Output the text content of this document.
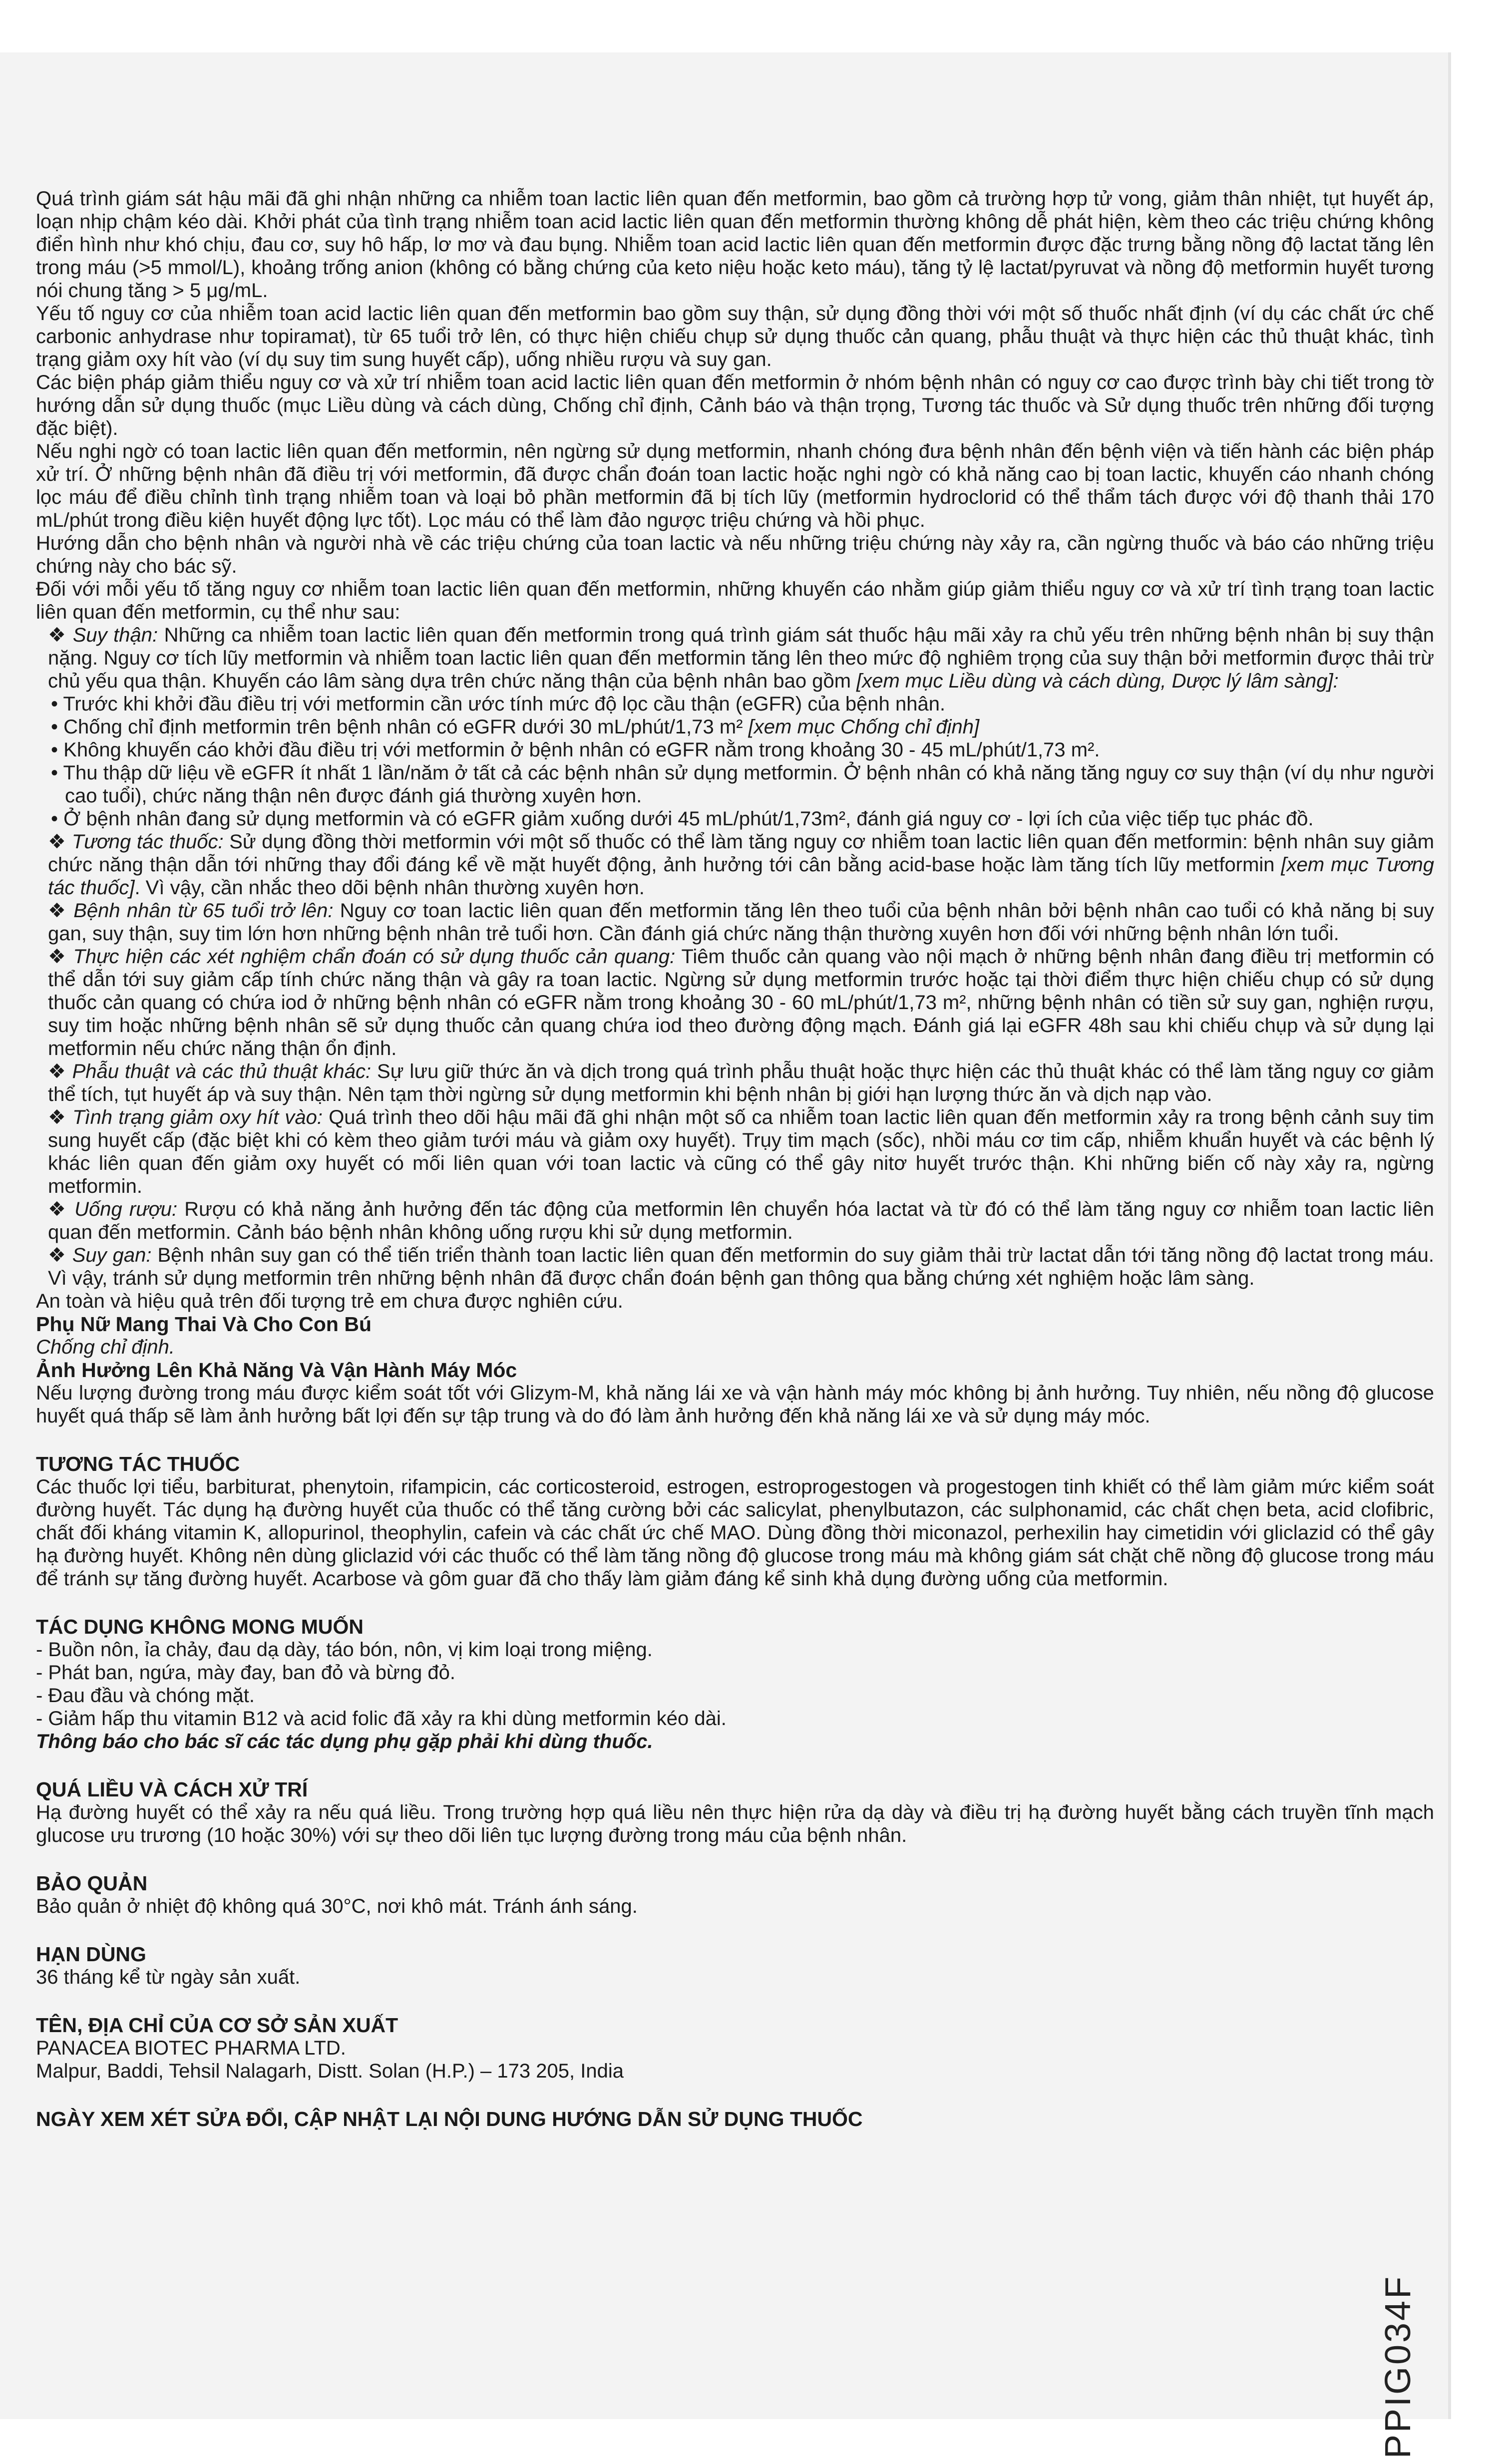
Quá trình giám sát hậu mãi đã ghi nhận những ca nhiễm toan lactic liên quan đến metformin, bao gồm cả trường hợp tử vong, giảm thân nhiệt, tụt huyết áp, loạn nhịp chậm kéo dài. Khởi phát của tình trạng nhiễm toan acid lactic liên quan đến metformin thường không dễ phát hiện, kèm theo các triệu chứng không điển hình như khó chịu, đau cơ, suy hô hấp, lơ mơ và đau bụng. Nhiễm toan acid lactic liên quan đến metformin được đặc trưng bằng nồng độ lactat tăng lên trong máu (>5 mmol/L), khoảng trống anion (không có bằng chứng của keto niệu hoặc keto máu), tăng tỷ lệ lactat/pyruvat và nồng độ metformin huyết tương nói chung tăng > 5 μg/mL.

Yếu tố nguy cơ của nhiễm toan acid lactic liên quan đến metformin bao gồm suy thận, sử dụng đồng thời với một số thuốc nhất định (ví dụ các chất ức chế carbonic anhydrase như topiramat), từ 65 tuổi trở lên, có thực hiện chiếu chụp sử dụng thuốc cản quang, phẫu thuật và thực hiện các thủ thuật khác, tình trạng giảm oxy hít vào (ví dụ suy tim sung huyết cấp), uống nhiều rượu và suy gan.

Các biện pháp giảm thiểu nguy cơ và xử trí nhiễm toan acid lactic liên quan đến metformin ở nhóm bệnh nhân có nguy cơ cao được trình bày chi tiết trong tờ hướng dẫn sử dụng thuốc (mục Liều dùng và cách dùng, Chống chỉ định, Cảnh báo và thận trọng, Tương tác thuốc và Sử dụng thuốc trên những đối tượng đặc biệt).

Nếu nghi ngờ có toan lactic liên quan đến metformin, nên ngừng sử dụng metformin, nhanh chóng đưa bệnh nhân đến bệnh viện và tiến hành các biện pháp xử trí. Ở những bệnh nhân đã điều trị với metformin, đã được chẩn đoán toan lactic hoặc nghi ngờ có khả năng cao bị toan lactic, khuyến cáo nhanh chóng lọc máu để điều chỉnh tình trạng nhiễm toan và loại bỏ phần metformin đã bị tích lũy (metformin hydroclorid có thể thẩm tách được với độ thanh thải 170 mL/phút trong điều kiện huyết động lực tốt). Lọc máu có thể làm đảo ngược triệu chứng và hồi phục.

Hướng dẫn cho bệnh nhân và người nhà về các triệu chứng của toan lactic và nếu những triệu chứng này xảy ra, cần ngừng thuốc và báo cáo những triệu chứng này cho bác sỹ.

Đối với mỗi yếu tố tăng nguy cơ nhiễm toan lactic liên quan đến metformin, những khuyến cáo nhằm giúp giảm thiểu nguy cơ và xử trí tình trạng toan lactic liên quan đến metformin, cụ thể như sau:

❖ Suy thận: Những ca nhiễm toan lactic liên quan đến metformin trong quá trình giám sát thuốc hậu mãi xảy ra chủ yếu trên những bệnh nhân bị suy thận nặng. Nguy cơ tích lũy metformin và nhiễm toan lactic liên quan đến metformin tăng lên theo mức độ nghiêm trọng của suy thận bởi metformin được thải trừ chủ yếu qua thận. Khuyến cáo lâm sàng dựa trên chức năng thận của bệnh nhân bao gồm [xem mục Liều dùng và cách dùng, Dược lý lâm sàng]:

• Trước khi khởi đầu điều trị với metformin cần ước tính mức độ lọc cầu thận (eGFR) của bệnh nhân.

• Chống chỉ định metformin trên bệnh nhân có eGFR dưới 30 mL/phút/1,73 m² [xem mục Chống chỉ định]

• Không khuyến cáo khởi đầu điều trị với metformin ở bệnh nhân có eGFR nằm trong khoảng 30 - 45 mL/phút/1,73 m².

• Thu thập dữ liệu về eGFR ít nhất 1 lần/năm ở tất cả các bệnh nhân sử dụng metformin. Ở bệnh nhân có khả năng tăng nguy cơ suy thận (ví dụ như người cao tuổi), chức năng thận nên được đánh giá thường xuyên hơn.

• Ở bệnh nhân đang sử dụng metformin và có eGFR giảm xuống dưới 45 mL/phút/1,73m², đánh giá nguy cơ - lợi ích của việc tiếp tục phác đồ.

❖ Tương tác thuốc: Sử dụng đồng thời metformin với một số thuốc có thể làm tăng nguy cơ nhiễm toan lactic liên quan đến metformin: bệnh nhân suy giảm chức năng thận dẫn tới những thay đổi đáng kể về mặt huyết động, ảnh hưởng tới cân bằng acid-base hoặc làm tăng tích lũy metformin [xem mục Tương tác thuốc]. Vì vậy, cần nhắc theo dõi bệnh nhân thường xuyên hơn.

❖ Bệnh nhân từ 65 tuổi trở lên: Nguy cơ toan lactic liên quan đến metformin tăng lên theo tuổi của bệnh nhân bởi bệnh nhân cao tuổi có khả năng bị suy gan, suy thận, suy tim lớn hơn những bệnh nhân trẻ tuổi hơn. Cần đánh giá chức năng thận thường xuyên hơn đối với những bệnh nhân lớn tuổi.

❖ Thực hiện các xét nghiệm chẩn đoán có sử dụng thuốc cản quang: Tiêm thuốc cản quang vào nội mạch ở những bệnh nhân đang điều trị metformin có thể dẫn tới suy giảm cấp tính chức năng thận và gây ra toan lactic. Ngừng sử dụng metformin trước hoặc tại thời điểm thực hiện chiếu chụp có sử dụng thuốc cản quang có chứa iod ở những bệnh nhân có eGFR nằm trong khoảng 30 - 60 mL/phút/1,73 m², những bệnh nhân có tiền sử suy gan, nghiện rượu, suy tim hoặc những bệnh nhân sẽ sử dụng thuốc cản quang chứa iod theo đường động mạch. Đánh giá lại eGFR 48h sau khi chiếu chụp và sử dụng lại metformin nếu chức năng thận ổn định.

❖ Phẫu thuật và các thủ thuật khác: Sự lưu giữ thức ăn và dịch trong quá trình phẫu thuật hoặc thực hiện các thủ thuật khác có thể làm tăng nguy cơ giảm thể tích, tụt huyết áp và suy thận. Nên tạm thời ngừng sử dụng metformin khi bệnh nhân bị giới hạn lượng thức ăn và dịch nạp vào.

❖ Tình trạng giảm oxy hít vào: Quá trình theo dõi hậu mãi đã ghi nhận một số ca nhiễm toan lactic liên quan đến metformin xảy ra trong bệnh cảnh suy tim sung huyết cấp (đặc biệt khi có kèm theo giảm tưới máu và giảm oxy huyết). Trụy tim mạch (sốc), nhồi máu cơ tim cấp, nhiễm khuẩn huyết và các bệnh lý khác liên quan đến giảm oxy huyết có mối liên quan với toan lactic và cũng có thể gây nitơ huyết trước thận. Khi những biến cố này xảy ra, ngừng metformin.

❖ Uống rượu: Rượu có khả năng ảnh hưởng đến tác động của metformin lên chuyển hóa lactat và từ đó có thể làm tăng nguy cơ nhiễm toan lactic liên quan đến metformin. Cảnh báo bệnh nhân không uống rượu khi sử dụng metformin.

❖ Suy gan: Bệnh nhân suy gan có thể tiến triển thành toan lactic liên quan đến metformin do suy giảm thải trừ lactat dẫn tới tăng nồng độ lactat trong máu. Vì vậy, tránh sử dụng metformin trên những bệnh nhân đã được chẩn đoán bệnh gan thông qua bằng chứng xét nghiệm hoặc lâm sàng.

An toàn và hiệu quả trên đối tượng trẻ em chưa được nghiên cứu.

Phụ Nữ Mang Thai Và Cho Con Bú

Chống chỉ định.

Ảnh Hưởng Lên Khả Năng Và Vận Hành Máy Móc

Nếu lượng đường trong máu được kiểm soát tốt với Glizym-M, khả năng lái xe và vận hành máy móc không bị ảnh hưởng. Tuy nhiên, nếu nồng độ glucose huyết quá thấp sẽ làm ảnh hưởng bất lợi đến sự tập trung và do đó làm ảnh hưởng đến khả năng lái xe và sử dụng máy móc.

TƯƠNG TÁC THUỐC

Các thuốc lợi tiểu, barbiturat, phenytoin, rifampicin, các corticosteroid, estrogen, estroprogestogen và progestogen tinh khiết có thể làm giảm mức kiểm soát đường huyết. Tác dụng hạ đường huyết của thuốc có thể tăng cường bởi các salicylat, phenylbutazon, các sulphonamid, các chất chẹn beta, acid clofibric, chất đối kháng vitamin K, allopurinol, theophylin, cafein và các chất ức chế MAO. Dùng đồng thời miconazol, perhexilin hay cimetidin với gliclazid có thể gây hạ đường huyết. Không nên dùng gliclazid với các thuốc có thể làm tăng nồng độ glucose trong máu mà không giám sát chặt chẽ nồng độ glucose trong máu để tránh sự tăng đường huyết. Acarbose và gôm guar đã cho thấy làm giảm đáng kể sinh khả dụng đường uống của metformin.

TÁC DỤNG KHÔNG MONG MUỐN

- Buồn nôn, ỉa chảy, đau dạ dày, táo bón, nôn, vị kim loại trong miệng.

- Phát ban, ngứa, mày đay, ban đỏ và bừng đỏ.

- Đau đầu và chóng mặt.

- Giảm hấp thu vitamin B12 và acid folic đã xảy ra khi dùng metformin kéo dài.

Thông báo cho bác sĩ các tác dụng phụ gặp phải khi dùng thuốc.

QUÁ LIỀU VÀ CÁCH XỬ TRÍ

Hạ đường huyết có thể xảy ra nếu quá liều. Trong trường hợp quá liều nên thực hiện rửa dạ dày và điều trị hạ đường huyết bằng cách truyền tĩnh mạch glucose ưu trương (10 hoặc 30%) với sự theo dõi liên tục lượng đường trong máu của bệnh nhân.

BẢO QUẢN

Bảo quản ở nhiệt độ không quá 30°C, nơi khô mát. Tránh ánh sáng.

HẠN DÙNG

36 tháng kể từ ngày sản xuất.

TÊN, ĐỊA CHỈ CỦA CƠ SỞ SẢN XUẤT

PANACEA BIOTEC PHARMA LTD.

Malpur, Baddi, Tehsil Nalagarh, Distt. Solan (H.P.) – 173 205, India

NGÀY XEM XÉT SỬA ĐỔI, CẬP NHẬT LẠI NỘI DUNG HƯỚNG DẪN SỬ DỤNG THUỐC

PPIG034F
